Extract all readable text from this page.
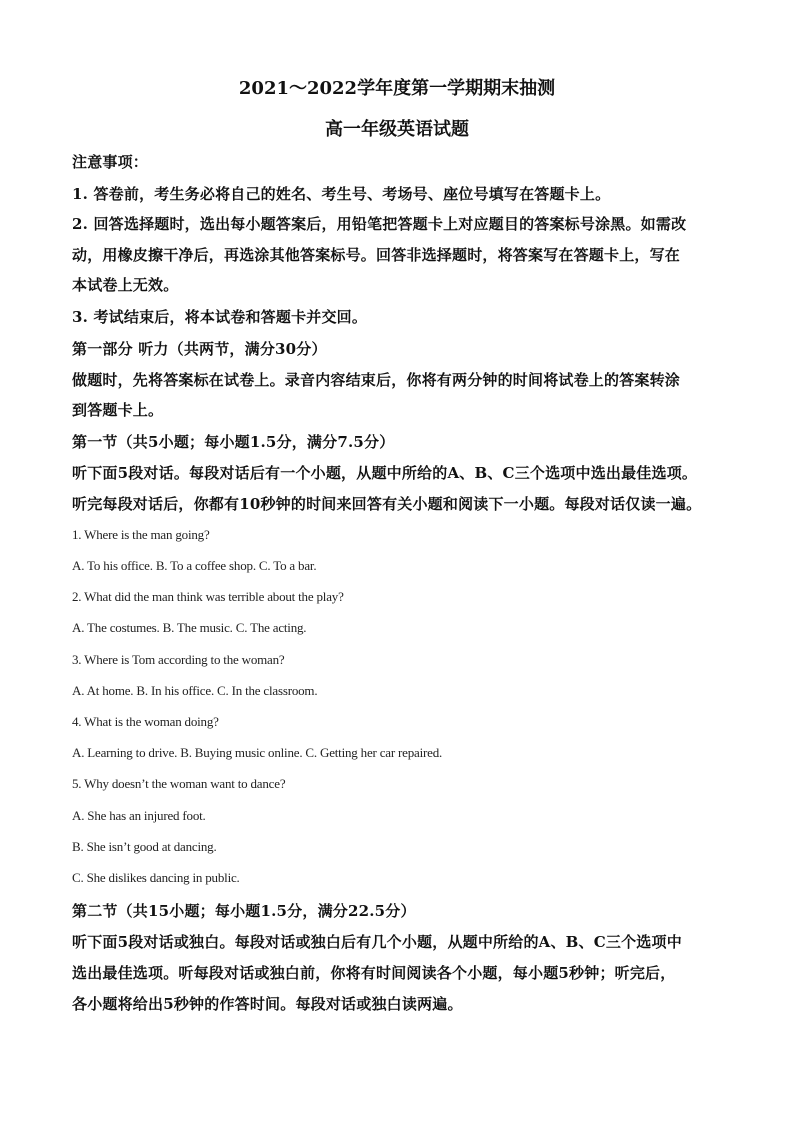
2021～2022学年度第一学期期末抽测
高一年级英语试题
注意事项：
1. 答卷前，考生务必将自己的姓名、考生号、考场号、座位号填写在答题卡上。
2. 回答选择题时，选出每小题答案后，用铅笔把答题卡上对应题目的答案标号涂黑。如需改
动，用橡皮擦干净后，再选涂其他答案标号。回答非选择题时，将答案写在答题卡上，写在
本试卷上无效。
3. 考试结束后，将本试卷和答题卡并交回。
第一部分 听力（共两节，满分30分）
做题时，先将答案标在试卷上。录音内容结束后，你将有两分钟的时间将试卷上的答案转涂
到答题卡上。
第一节（共5小题；每小题1.5分，满分7.5分）
听下面5段对话。每段对话后有一个小题，从题中所给的A、B、C三个选项中选出最佳选项。
听完每段对话后，你都有10秒钟的时间来回答有关小题和阅读下一小题。每段对话仅读一遍。
1. Where is the man going?
A. To his office. B. To a coffee shop. C. To a bar.
2. What did the man think was terrible about the play?
A. The costumes. B. The music. C. The acting.
3. Where is Tom according to the woman?
A. At home. B. In his office. C. In the classroom.
4. What is the woman doing?
A. Learning to drive. B. Buying music online. C. Getting her car repaired.
5. Why doesn’t the woman want to dance?
A. She has an injured foot.
B. She isn’t good at dancing.
C. She dislikes dancing in public.
第二节（共15小题；每小题1.5分，满分22.5分）
听下面5段对话或独白。每段对话或独白后有几个小题，从题中所给的A、B、C三个选项中
选出最佳选项。听每段对话或独白前，你将有时间阅读各个小题，每小题5秒钟；听完后，
各小题将给出5秒钟的作答时间。每段对话或独白读两遍。
